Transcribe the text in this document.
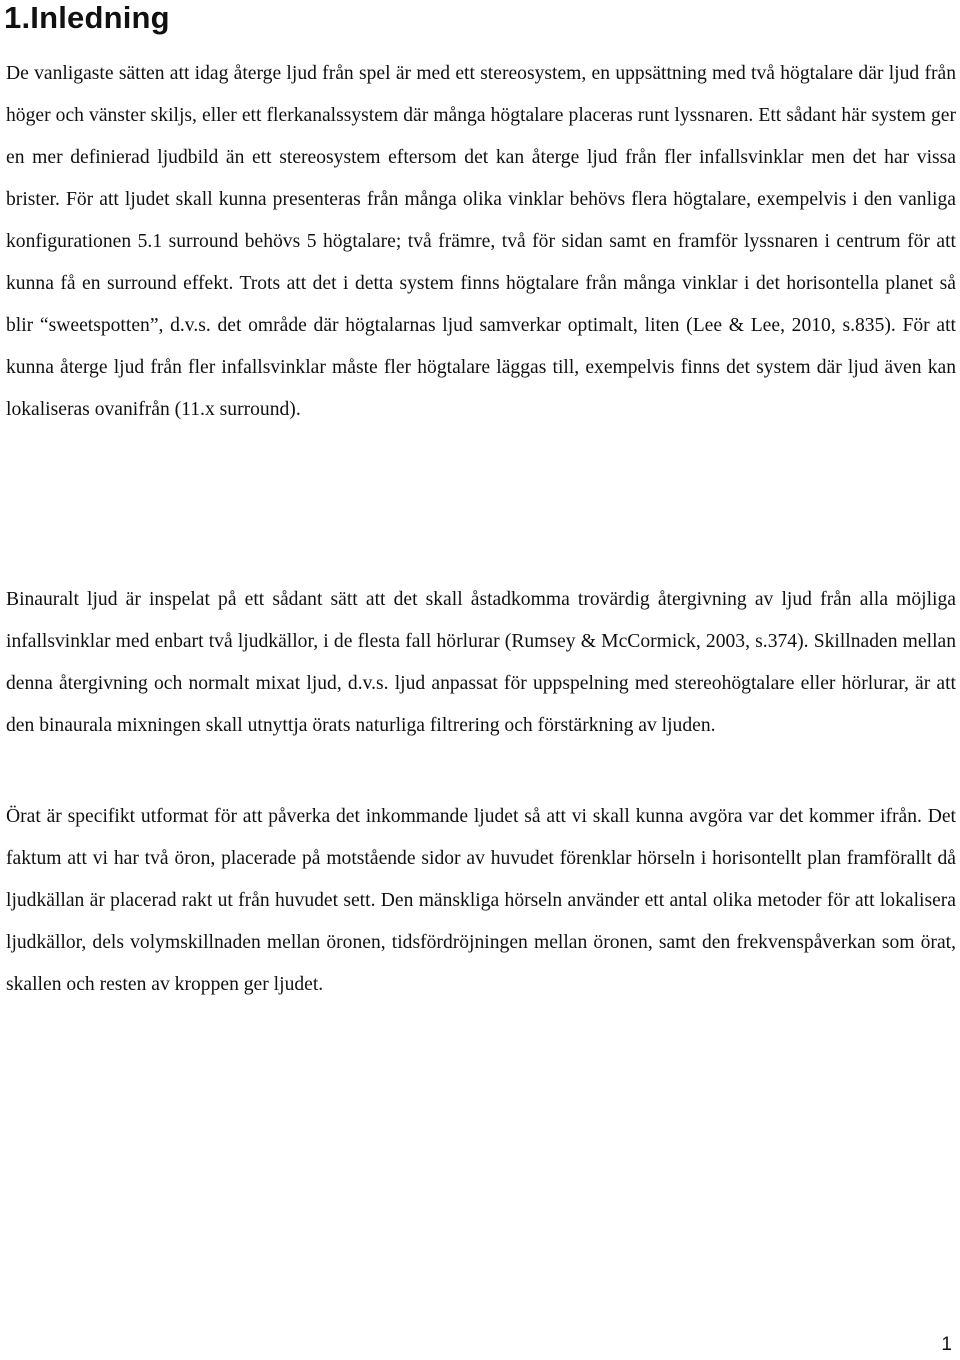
1.Inledning

De vanligaste sätten att idag återge ljud från spel är med ett stereosystem, en uppsättning med två högtalare där ljud från höger och vänster skiljs, eller ett flerkanalssystem där många högtalare placeras runt lyssnaren. Ett sådant här system ger en mer definierad ljudbild än ett stereosystem eftersom det kan återge ljud från fler infallsvinklar men det har vissa brister. För att ljudet skall kunna presenteras från många olika vinklar behövs flera högtalare, exempelvis i den vanliga konfigurationen 5.1 surround behövs 5 högtalare; två främre, två för sidan samt en framför lyssnaren i centrum för att kunna få en surround effekt. Trots att det i detta system finns högtalare från många vinklar i det horisontella planet så blir “sweetspotten”, d.v.s. det område där högtalarnas ljud samverkar optimalt, liten (Lee & Lee, 2010, s.835). För att kunna återge ljud från fler infallsvinklar måste fler högtalare läggas till, exempelvis finns det system där ljud även kan lokaliseras ovanifrån (11.x surround).

Binauralt ljud är inspelat på ett sådant sätt att det skall åstadkomma trovärdig återgivning av ljud från alla möjliga infallsvinklar med enbart två ljudkällor, i de flesta fall hörlurar (Rumsey & McCormick, 2003, s.374). Skillnaden mellan denna återgivning och normalt mixat ljud, d.v.s. ljud anpassat för uppspelning med stereohögtalare eller hörlurar, är att den binaurala mixningen skall utnyttja örats naturliga filtrering och förstärkning av ljuden.

Örat är specifikt utformat för att påverka det inkommande ljudet så att vi skall kunna avgöra var det kommer ifrån. Det faktum att vi har två öron, placerade på motstående sidor av huvudet förenklar hörseln i horisontellt plan framförallt då ljudkällan är placerad rakt ut från huvudet sett. Den mänskliga hörseln använder ett antal olika metoder för att lokalisera ljudkällor, dels volymskillnaden mellan öronen, tidsfördröjningen mellan öronen, samt den frekvenspåverkan som örat, skallen och resten av kroppen ger ljudet.

1
